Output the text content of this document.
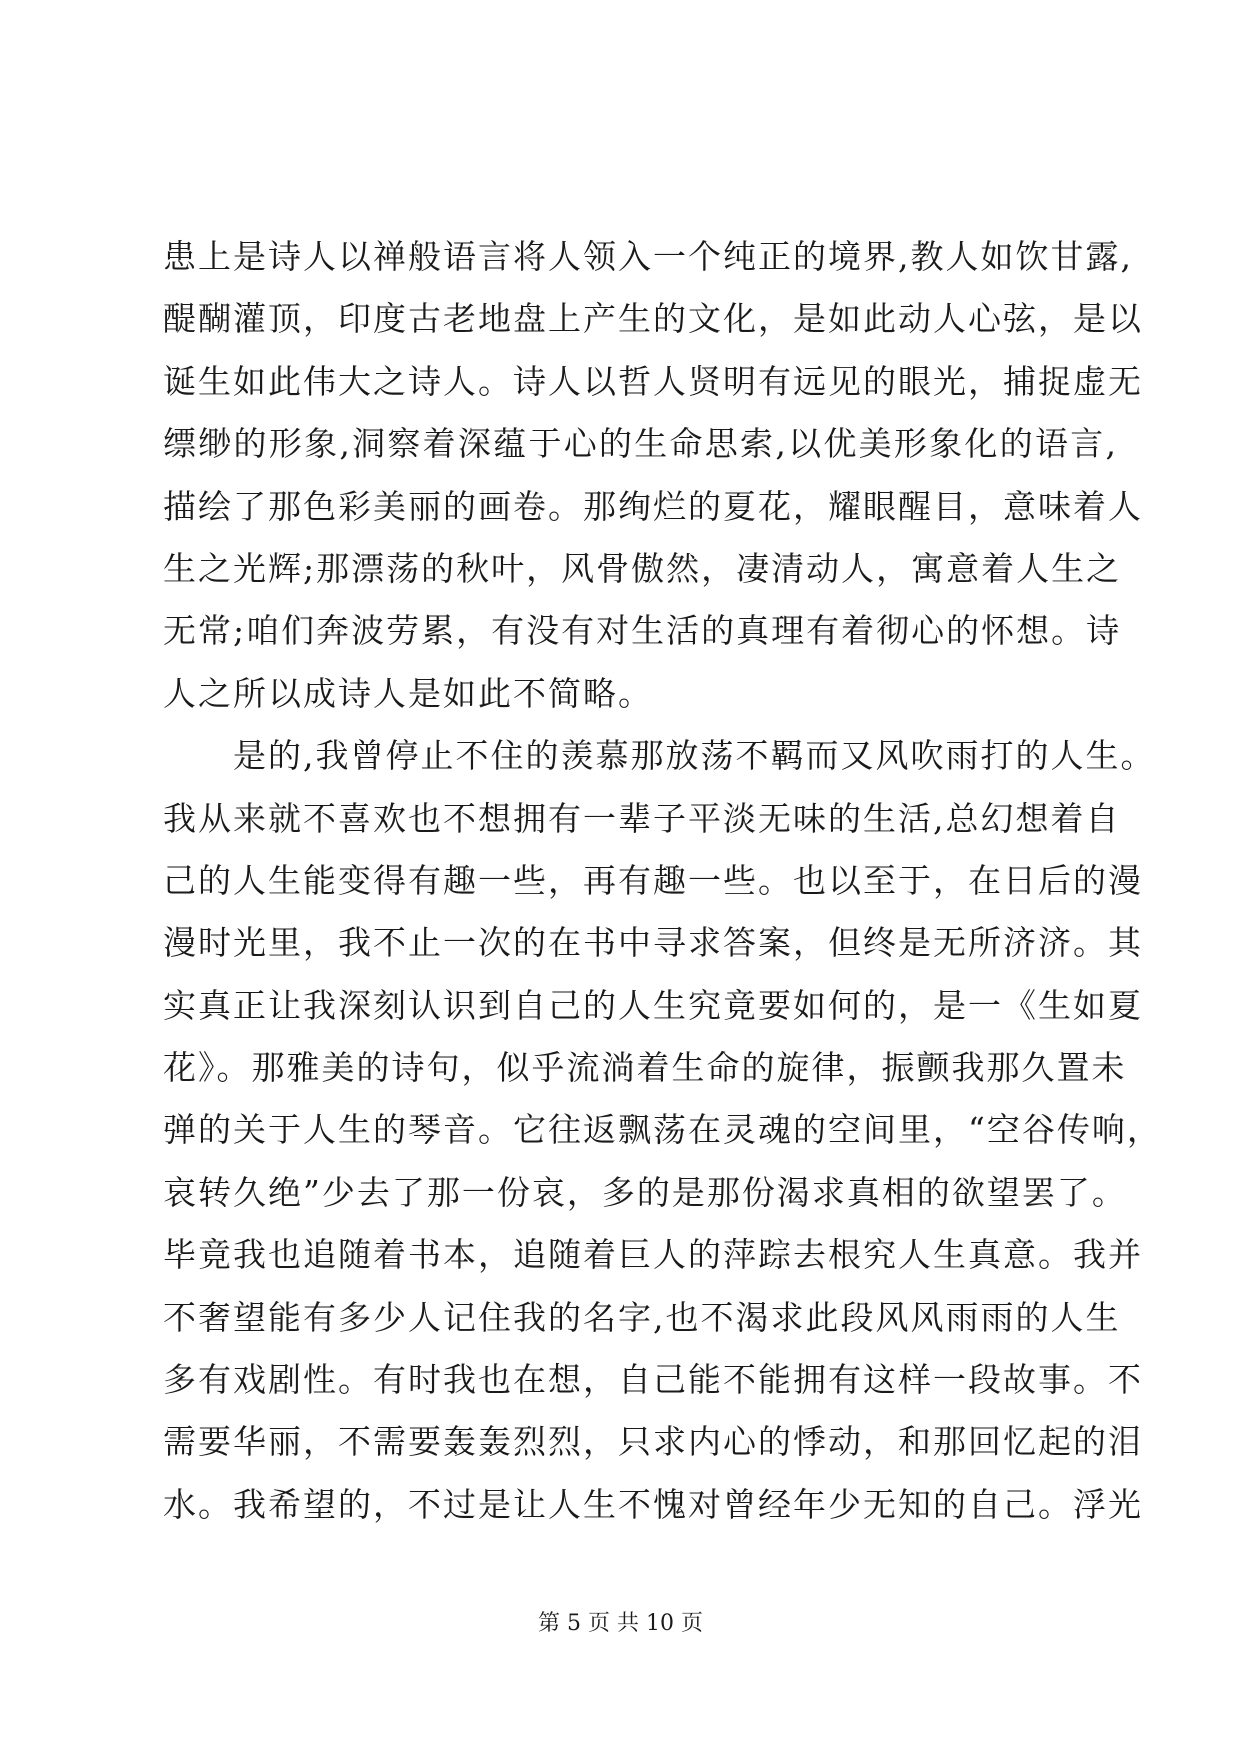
患上是诗人以禅般语言将人领入一个纯正的境界,教人如饮甘露,
醍醐灌顶，印度古老地盘上产生的文化，是如此动人心弦，是以
诞生如此伟大之诗人。诗人以哲人贤明有远见的眼光，捕捉虚无
缥缈的形象,洞察着深蕴于心的生命思索,以优美形象化的语言,
描绘了那色彩美丽的画卷。那绚烂的夏花，耀眼醒目，意味着人
生之光辉;那漂荡的秋叶，风骨傲然，凄清动人，寓意着人生之
无常;咱们奔波劳累，有没有对生活的真理有着彻心的怀想。诗
人之所以成诗人是如此不简略。
是的,我曾停止不住的羡慕那放荡不羁而又风吹雨打的人生。
我从来就不喜欢也不想拥有一辈子平淡无味的生活,总幻想着自
己的人生能变得有趣一些，再有趣一些。也以至于，在日后的漫
漫时光里，我不止一次的在书中寻求答案，但终是无所济济。其
实真正让我深刻认识到自己的人生究竟要如何的，是一《生如夏
花》。那雅美的诗句，似乎流淌着生命的旋律，振颤我那久置未
弹的关于人生的琴音。它往返飘荡在灵魂的空间里，“空谷传响，
哀转久绝”少去了那一份哀，多的是那份渴求真相的欲望罢了。
毕竟我也追随着书本，追随着巨人的萍踪去根究人生真意。我并
不奢望能有多少人记住我的名字,也不渴求此段风风雨雨的人生
多有戏剧性。有时我也在想，自己能不能拥有这样一段故事。不
需要华丽，不需要轰轰烈烈，只求内心的悸动，和那回忆起的泪
水。我希望的，不过是让人生不愧对曾经年少无知的自己。浮光
第 5 页 共 10 页
